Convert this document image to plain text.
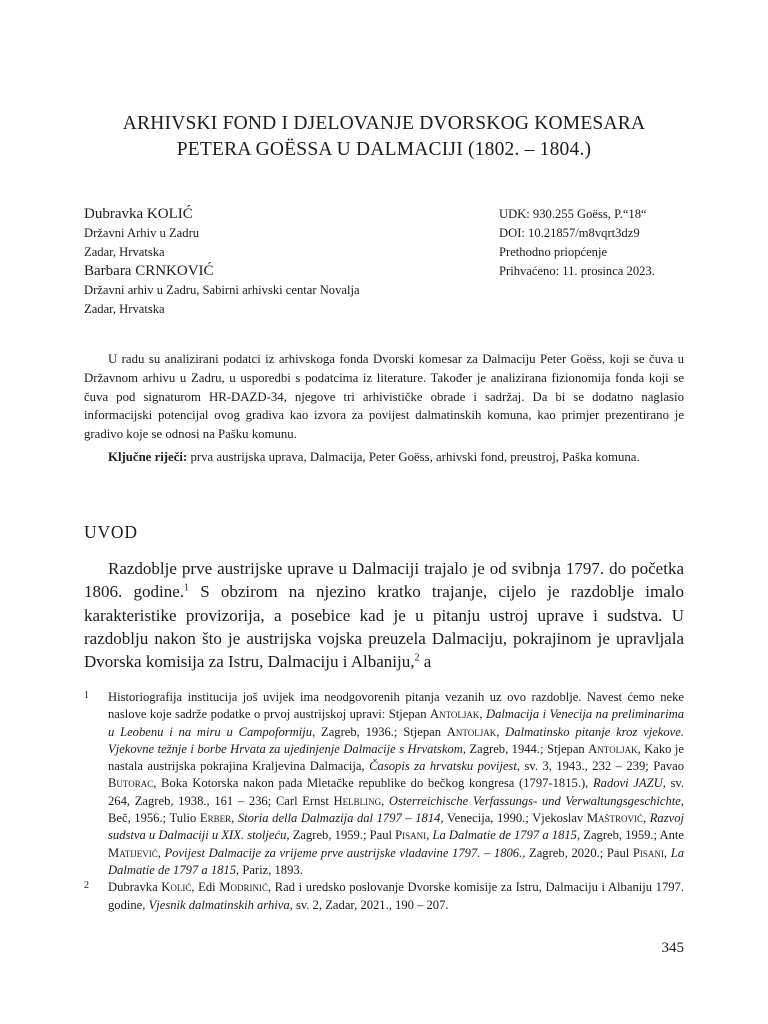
ARHIVSKI FOND I DJELOVANJE DVORSKOG KOMESARA
PETERA GOËSSA U DALMACIJI (1802. – 1804.)
Dubravka KOLIĆ
Državni Arhiv u Zadru
Zadar, Hrvatska
Barbara CRNKOVIĆ
Državni arhiv u Zadru, Sabirni arhivski centar Novalja
Zadar, Hrvatska
UDK: 930.255 Goëss, P.“18“
DOI: 10.21857/m8vqrt3dz9
Prethodno priopćenje
Prihvaćeno: 11. prosinca 2023.

U radu su analizirani podatci iz arhivskoga fonda Dvorski komesar za Dalmaciju Peter Goëss, koji se čuva u Državnom arhivu u Zadru, u usporedbi s podatcima iz literature. Također je analizirana fizionomija fonda koji se čuva pod signaturom HR-DAZD-34, njegove tri arhivističke obrade i sadržaj. Da bi se dodatno naglasio informacijski potencijal ovog gradiva kao izvora za povijest dalmatinskih komuna, kao primjer prezentirano je gradivo koje se odnosi na Pašku komunu.

Ključne riječi: prva austrijska uprava, Dalmacija, Peter Goëss, arhivski fond, preustroj, Paška komuna.
UVOD

Razdoblje prve austrijske uprave u Dalmaciji trajalo je od svibnja 1797. do početka 1806. godine.$^1$ S obzirom na njezino kratko trajanje, cijelo je razdoblje imalo karakteristike provizorija, a posebice kad je u pitanju ustroj uprave i sudstva. U razdoblju nakon što je austrijska vojska preuzela Dalmaciju, pokrajinom je upravljala Dvorska komisija za Istru, Dalmaciju i Albaniju,$^2$ a

1 Historiografija institucija još uvijek ima neodgovorenih pitanja vezanih uz ovo razdoblje. Navest ćemo neke naslove koje sadrže podatke o prvoj austrijskoj upravi: Stjepan Antoljak, Dalmacija i Venecija na preliminarima u Leobenu i na miru u Campoformiju, Zagreb, 1936.; Stjepan Antoljak, Dalmatinsko pitanje kroz vjekove. Vjekovne težnje i borbe Hrvata za ujedinjenje Dalmacije s Hrvatskom, Zagreb, 1944.; Stjepan Antoljak, Kako je nastala austrijska pokrajina Kraljevina Dalmacija, Časopis za hrvatsku povijest, sv. 3, 1943., 232 – 239; Pavao Butorac, Boka Kotorska nakon pada Mletačke republike do bečkog kongresa (1797-1815.), Radovi JAZU, sv. 264, Zagreb, 1938., 161 – 236; Carl Ernst Helbling, Osterreichische Verfassungs- und Verwaltungsgeschichte, Beč, 1956.; Tulio Erber, Storia della Dalmazija dal 1797 – 1814, Venecija, 1990.; Vjekoslav Maštrović, Razvoj sudstva u Dalmaciji u XIX. stoljeću, Zagreb, 1959.; Paul Pisani, La Dalmatie de 1797 a 1815, Zagreb, 1959.; Ante Matijević, Povijest Dalmacije za vrijeme prve austrijske vladavine 1797. – 1806., Zagreb, 2020.; Paul Pisani, La Dalmatie de 1797 a 1815, Pariz, 1893.
2 Dubravka Kolić, Edi Modrinić, Rad i uredsko poslovanje Dvorske komisije za Istru, Dalmaciju i Albaniju 1797. godine, Vjesnik dalmatinskih arhiva, sv. 2, Zadar, 2021., 190 – 207.
345
